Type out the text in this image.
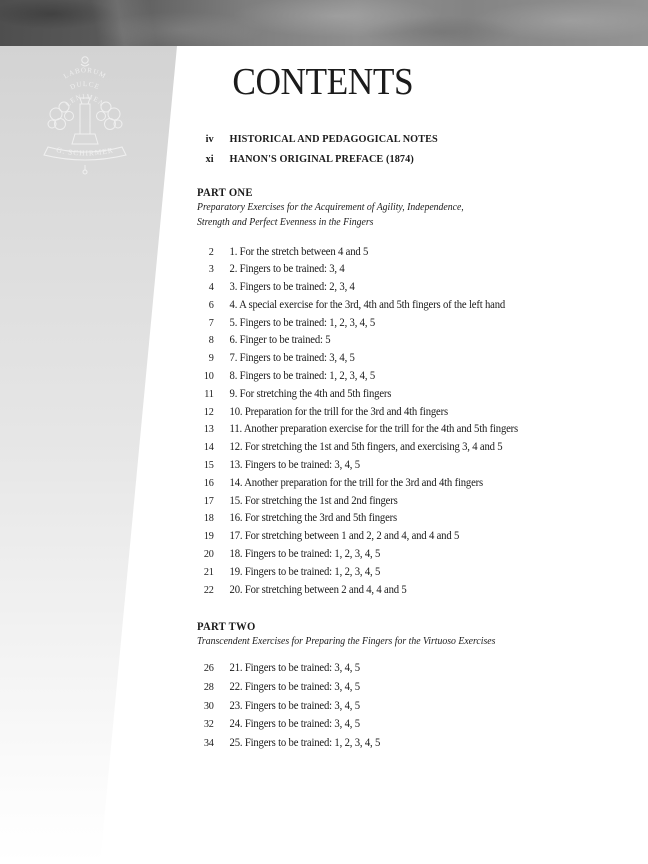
LABORUM
DULCE
LENIMEN
G. SCHIRMER
CONTENTS
iv HISTORICAL AND PEDAGOGICAL NOTES
xi HANON'S ORIGINAL PREFACE (1874)
PART ONE
Preparatory Exercises for the Acquirement of Agility, Independence,
Strength and Perfect Evenness in the Fingers
2 1. For the stretch between 4 and 5
3 2. Fingers to be trained: 3, 4
4 3. Fingers to be trained: 2, 3, 4
6 4. A special exercise for the 3rd, 4th and 5th fingers of the left hand
7 5. Fingers to be trained: 1, 2, 3, 4, 5
8 6. Finger to be trained: 5
9 7. Fingers to be trained: 3, 4, 5
10 8. Fingers to be trained: 1, 2, 3, 4, 5
11 9. For stretching the 4th and 5th fingers
12 10. Preparation for the trill for the 3rd and 4th fingers
13 11. Another preparation exercise for the trill for the 4th and 5th fingers
14 12. For stretching the 1st and 5th fingers, and exercising 3, 4 and 5
15 13. Fingers to be trained: 3, 4, 5
16 14. Another preparation for the trill for the 3rd and 4th fingers
17 15. For stretching the 1st and 2nd fingers
18 16. For stretching the 3rd and 5th fingers
19 17. For stretching between 1 and 2, 2 and 4, and 4 and 5
20 18. Fingers to be trained: 1, 2, 3, 4, 5
21 19. Fingers to be trained: 1, 2, 3, 4, 5
22 20. For stretching between 2 and 4, 4 and 5
PART TWO
Transcendent Exercises for Preparing the Fingers for the Virtuoso Exercises
26 21. Fingers to be trained: 3, 4, 5
28 22. Fingers to be trained: 3, 4, 5
30 23. Fingers to be trained: 3, 4, 5
32 24. Fingers to be trained: 3, 4, 5
34 25. Fingers to be trained: 1, 2, 3, 4, 5
